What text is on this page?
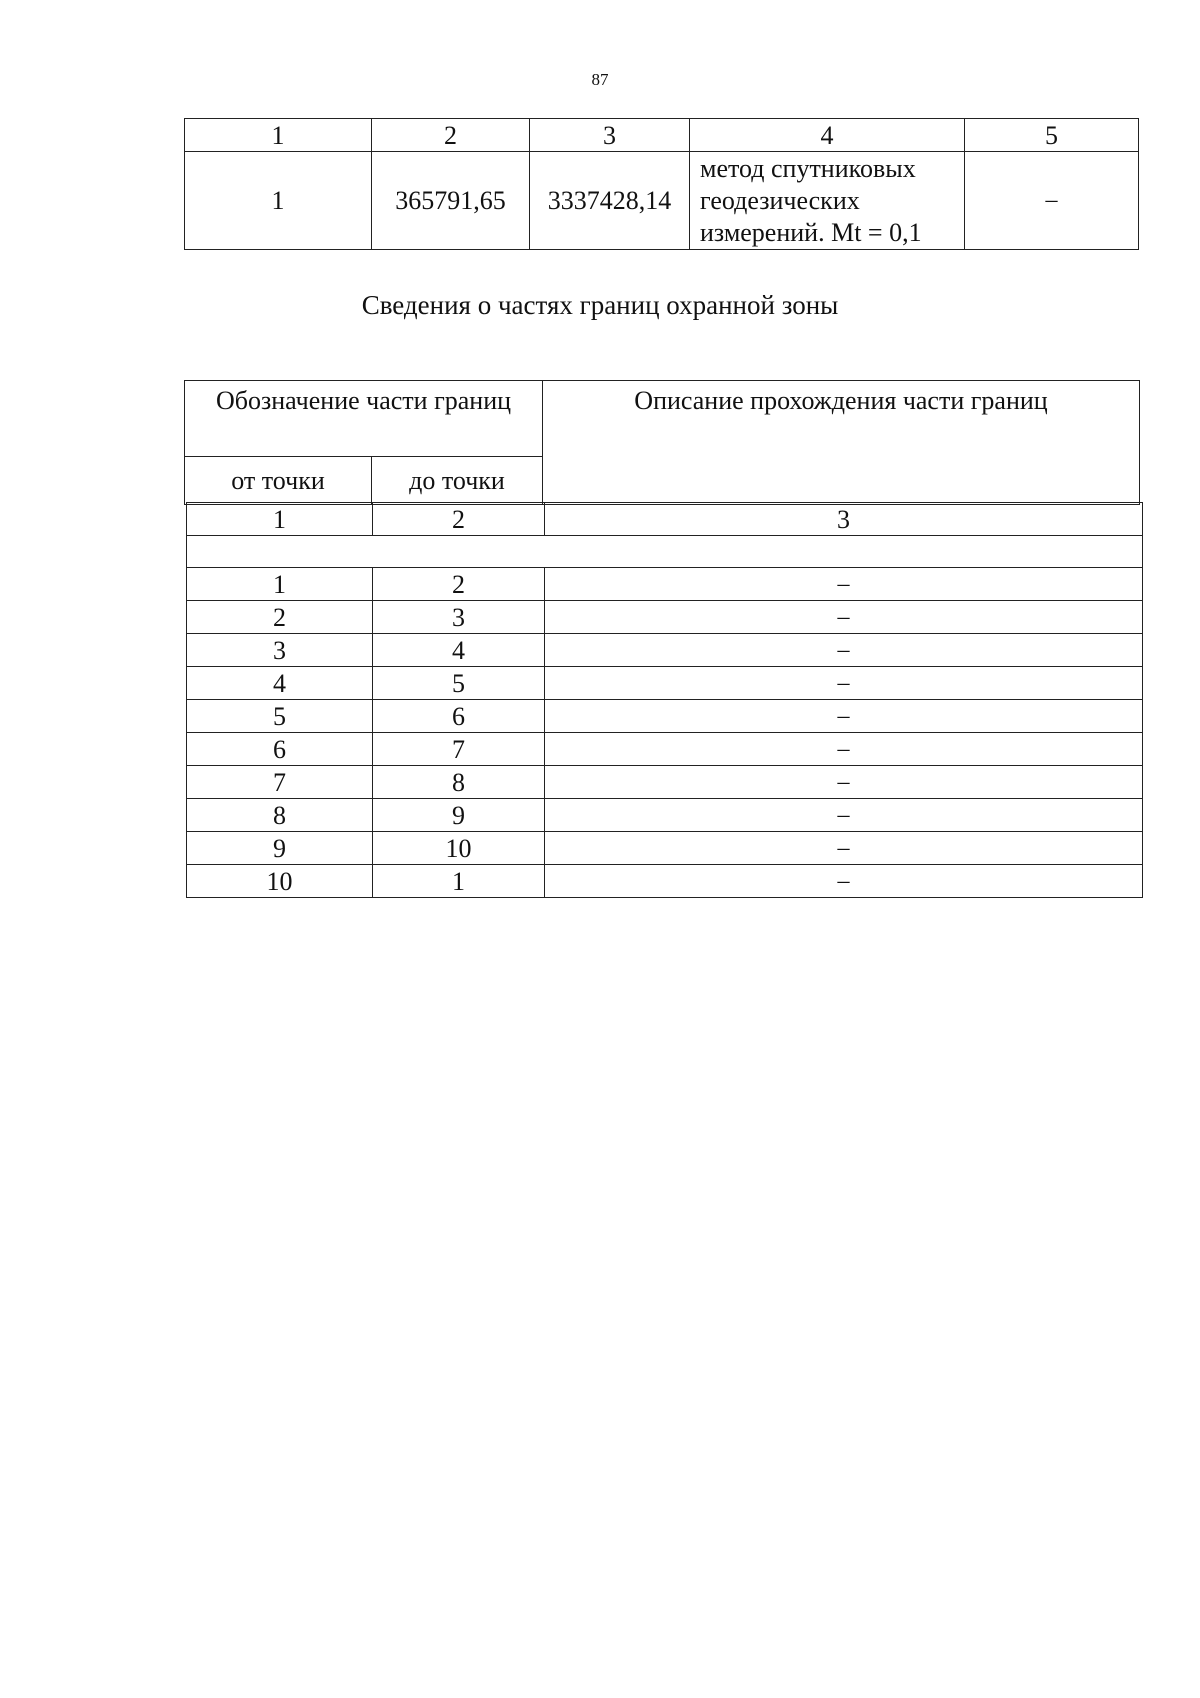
87
1	2	3	4	5
1	365791,65	3337428,14	метод спутниковых
геодезических
измерений. Mt = 0,1	–
Сведения о частях границ охранной зоны
Обозначение части границ		Описание прохождения части границ
от точки	до точки	
1	2	3

1	2	–
2	3	–
3	4	–
4	5	–
5	6	–
6	7	–
7	8	–
8	9	–
9	10	–
10	1	–
